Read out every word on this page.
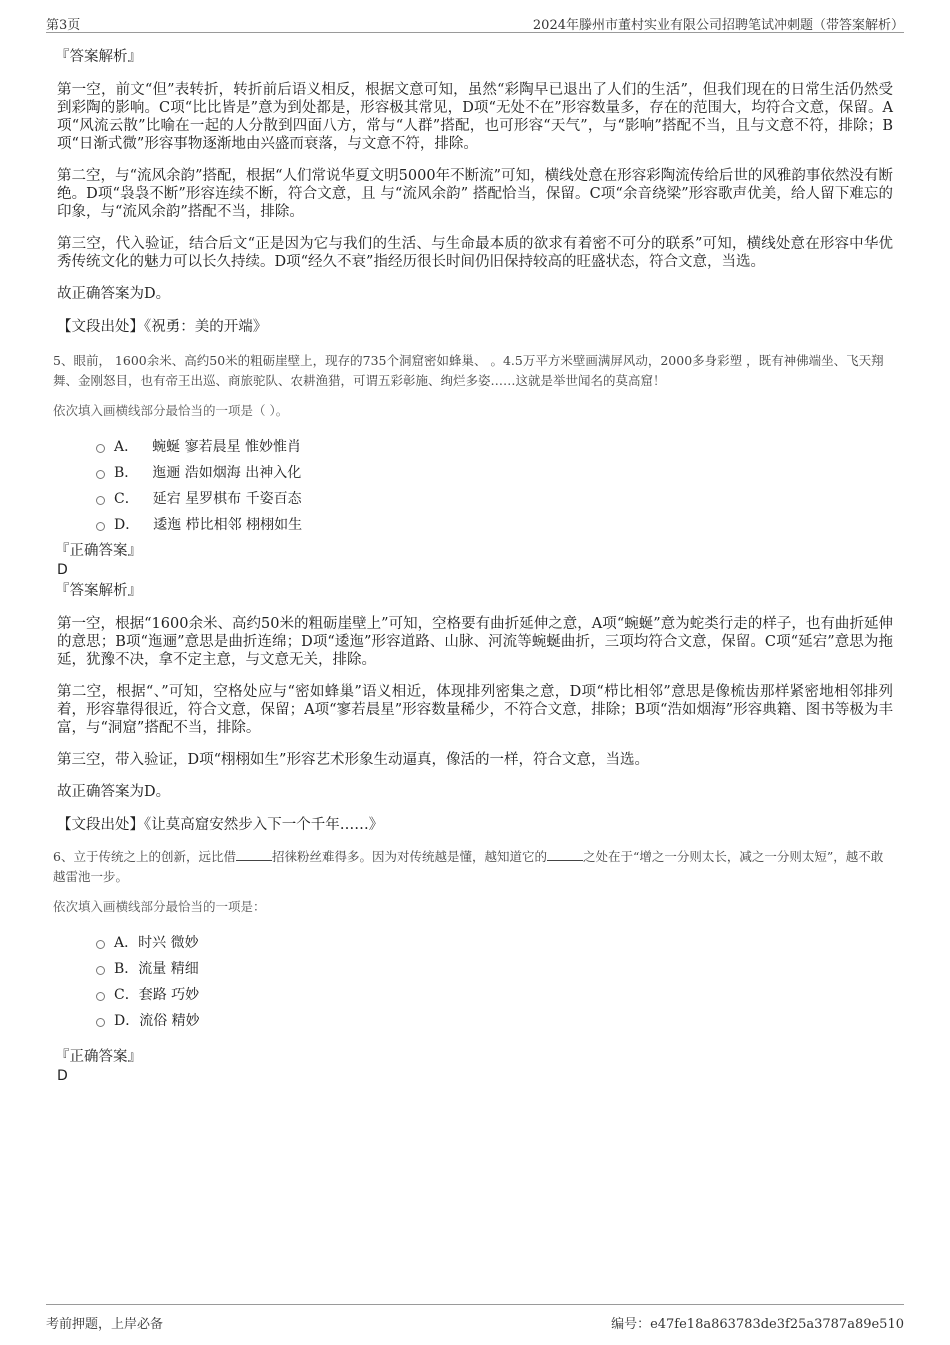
第3页	2024年滕州市董村实业有限公司招聘笔试冲刺题（带答案解析）

『答案解析』

第一空，前文“但”表转折，转折前后语义相反，根据文意可知，虽然“彩陶早已退出了人们的生活”，但我们现在的日常生活仍然受到彩陶的影响。C项“比比皆是”意为到处都是，形容极其常见，D项“无处不在”形容数量多，存在的范围大，均符合文意，保留。A项“风流云散”比喻在一起的人分散到四面八方，常与“人群”搭配，也可形容“天气”，与“影响”搭配不当，且与文意不符，排除；B项“日渐式微”形容事物逐渐地由兴盛而衰落，与文意不符，排除。

第二空，与“流风余韵”搭配，根据“人们常说华夏文明5000年不断流”可知，横线处意在形容彩陶流传给后世的风雅韵事依然没有断绝。D项“袅袅不断”形容连续不断，符合文意，且 与“流风余韵” 搭配恰当，保留。C项“余音绕梁”形容歌声优美，给人留下难忘的印象，与“流风余韵”搭配不当，排除。

第三空，代入验证，结合后文“正是因为它与我们的生活、与生命最本质的欲求有着密不可分的联系”可知，横线处意在形容中华优秀传统文化的魅力可以长久持续。D项“经久不衰”指经历很长时间仍旧保持较高的旺盛状态，符合文意，当选。

故正确答案为D。

【文段出处】《祝勇：美的开端》

5、眼前， 1600余米、高约50米的粗砺崖壁上，现存的735个洞窟密如蜂巢、 。4.5万平方米壁画满屏风动，2000多身彩塑 ，既有神佛端坐、飞天翔舞、金刚怒目，也有帝王出巡、商旅驼队、农耕渔猎，可谓五彩彰施、绚烂多姿……这就是举世闻名的莫高窟！

依次填入画横线部分最恰当的一项是（ ）。

A． 蜿蜒 寥若晨星 惟妙惟肖
B． 迤逦 浩如烟海 出神入化
C． 延宕 星罗棋布 千姿百态
D． 逶迤 栉比相邻 栩栩如生

『正确答案』

D

『答案解析』

第一空，根据“1600余米、高约50米的粗砺崖壁上”可知，空格要有曲折延伸之意，A项“蜿蜒”意为蛇类行走的样子，也有曲折延伸的意思；B项“迤逦”意思是曲折连绵；D项“逶迤”形容道路、山脉、河流等蜿蜒曲折，三项均符合文意，保留。C项“延宕”意思为拖延，犹豫不决，拿不定主意，与文意无关，排除。

第二空，根据“、”可知，空格处应与“密如蜂巢”语义相近，体现排列密集之意，D项“栉比相邻”意思是像梳齿那样紧密地相邻排列着，形容靠得很近，符合文意，保留；A项“寥若晨星”形容数量稀少，不符合文意，排除；B项“浩如烟海”形容典籍、图书等极为丰富，与“洞窟”搭配不当，排除。

第三空，带入验证，D项“栩栩如生”形容艺术形象生动逼真，像活的一样，符合文意，当选。

故正确答案为D。

【文段出处】《让莫高窟安然步入下一个千年……》

6、立于传统之上的创新，远比借	招徕粉丝难得多。因为对传统越是懂，越知道它的	之处在于“增之一分则太长，减之一分则太短”，越不敢越雷池一步。

依次填入画横线部分最恰当的一项是：

A． 时兴 微妙
B． 流量 精细
C． 套路 巧妙
D． 流俗 精妙

『正确答案』

D

考前押题，上岸必备	编号：e47fe18a863783de3f25a3787a89e510
